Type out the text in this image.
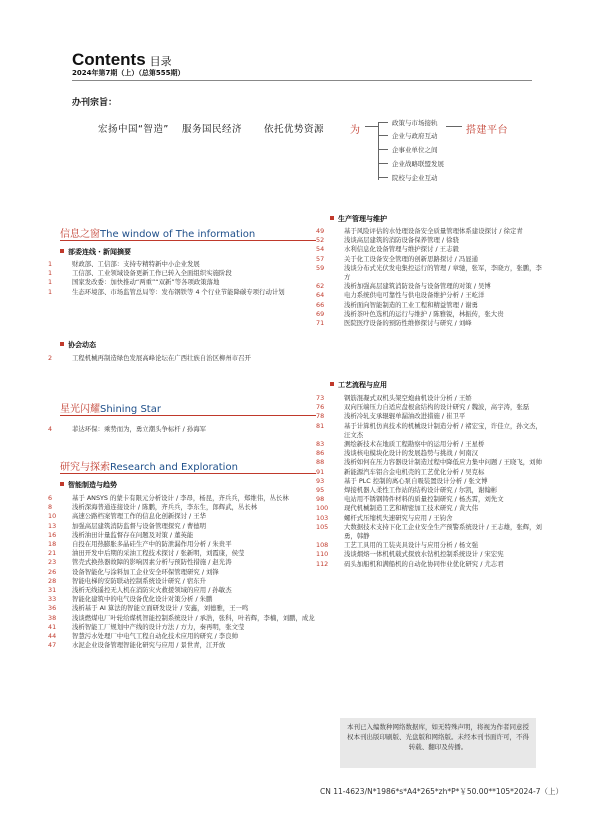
Contents 目录
2024年第7期（上）（总第555期）
办刊宗旨：
宏扬中国“智造” 服务国民经济 依托优势资源	为	搭建平台
政策与市场接轨
企业与政府互动
企事业单位之间
企业战略联盟发展
院校与企业互动
信息之窗The window of The information
部委连线・新闻摘要
1	财政部、工信部：支持专精特新中小企业发展
1	工信部、工业领域设备更新工作已转入全面组织实施阶段
1	国家发改委：加快推动“两重”“双新”等各项政策落地
1	生态环境部、市场监管总局等：发布钢铁等 4 个行业节能降碳专项行动计划
协会动态
2	工程机械再制造绿色发展高峰论坛在广西壮族自治区柳州市召开
星光闪耀Shining Star
4	菲达环保：乘势而为，勇立潮头争标杆 / 孙海军
研究与探索Research and Exploration
智能制造与趋势
6	基于 ANSYS 的蒙卡有限元分析设计 / 李昂，杨昆，齐兵兵，郑维伟，丛长林
8	浅析深海普通连接设计 / 陈鹏，齐兵兵，李东生，郎辉武，丛长林
10 高速公路档案管理工作的信息化创新探讨 / 王华
13 加强高层建筑消防监督与设备管理探究 / 曹德明
16 浅析油田计量监督存在问题及对策 / 董英能
18 自投在用热膨胀多晶硅生产中的防泄漏作用分析 / 朱贵平
21 油田开发中后期的采油工程技术探讨 / 张新明，刘霞康，侯莹
23 管壳式换热器故障的影响因素分析与预防性措施 / 赵光涛
26 设备智能化与涂料加工企业安全环保管理研究 / 刘锋
28 智能电梯的安防联动控制系统设计研究 / 宿东升
31 浅析无线遥控无人机在消防灾火救援领域的应用 / 孙敏杰
33 智能化建筑中的电气设备优化设计对策分析 / 朱鹏
36 浅析基于 AI 算法的智能立面研发设计 / 安鑫，刘德雅，王一鸣
38 浅谈燃煤电厂叶轮给煤机智能控制系统设计 / 承浩，张科，叶若辉，李楠，刘鹏，成龙
41 浅析智能工厂规划中产线的设计方法 / 方力，秦再明，张文莹
44 智慧污水处理厂中电气工程自动化技术应用的研究 / 李良帅
47 水泥企业设备管理智能化研究与应用 / 景世青，江开放
生产管理与维护
49	基于风险评估的水处理设备安全质量管理体系建设探讨 / 徐定青
52	浅谈高层建筑的消防设备保养管理 / 徐骁
54	水利信息化设备管理与维护探讨 / 王志毅
57	关于化工设备安全管理的创新思路探讨 / 冯显通
59	浅谈分布式光伏发电集控运行的管理 / 章驰，张军，李晓方，张鹏，李方
62	浅析加强高层建筑消防设备与设备管理的对策 / 吴博
64	电力系统供电可靠性与供电设备维护分析 / 王屹洋
66	浅析面向智能制造的工业工程和精益管理 / 谢勇
69	浅析茶叶色选机的运行与维护 / 陈雅锐，林振传，张大贵
71	医院医疗设备的预防性维修探讨与研究 / 刘峰
工艺流程与应用
73	钢筋混凝式双机头架空炮曲机设计分析 / 王娇
76	双向压端压力自适应盘根盒结构的设计研究 / 魏波，高宇涛，张磊
78	浅析冷轧支承辊辊单漏油改进措施 / 崔卫平
81	基于计算机仿真技术的机械设计制造分析 / 褚宏宝，许佳立，孙文杰，汪文杰
83	测绘新技术在地质工程勘察中的运用分析 / 王星桥
86	浅谈核电模块化设计的发展趋势与挑战 / 何南汉
88	浅析如何在压力容器设计制造过程中降低应力集中问题 / 王晓飞，刘帅
91	新能源汽车铝合金电机壳的工艺优化分析 / 吴克标
93	基于 PLC 控制的离心泵自吸装置设计分析 / 张文博
95	焊接机器人柔性工作站的结构设计研究 / 尔凯，谢翰彬
98	电站用不锈钢铸件材料的质量控制研究 / 杨杰霄，刘先文
100 现代机械制造工艺和精密加工技术研究 / 黄大伟
103 螺杆式压缩机失速研究与应用 / 王钧舍
105 大数据技术支持下化工企业安全生产预警系统设计 / 王志雄，张辉，刘勇，韩静
108 工艺工具用的工装夹具设计与应用分析 / 杨文强
110 浅谈烟熔一体机机载式探放水钻机控制系统设计 / 宋宏宪
112 码头加船机和满船机的自动化协同作业优化研究 / 尤志君
本刊已入编数种网络数据库，如无特殊声明，将视为作者同意授权本刊出版印刷版、光盘版和网络版。未经本刊书面许可，不得转载、翻印及传播。
CN 11-4623/N*1986*s*A4*265*zh*P*￥50.00**105*2024-7（上）
